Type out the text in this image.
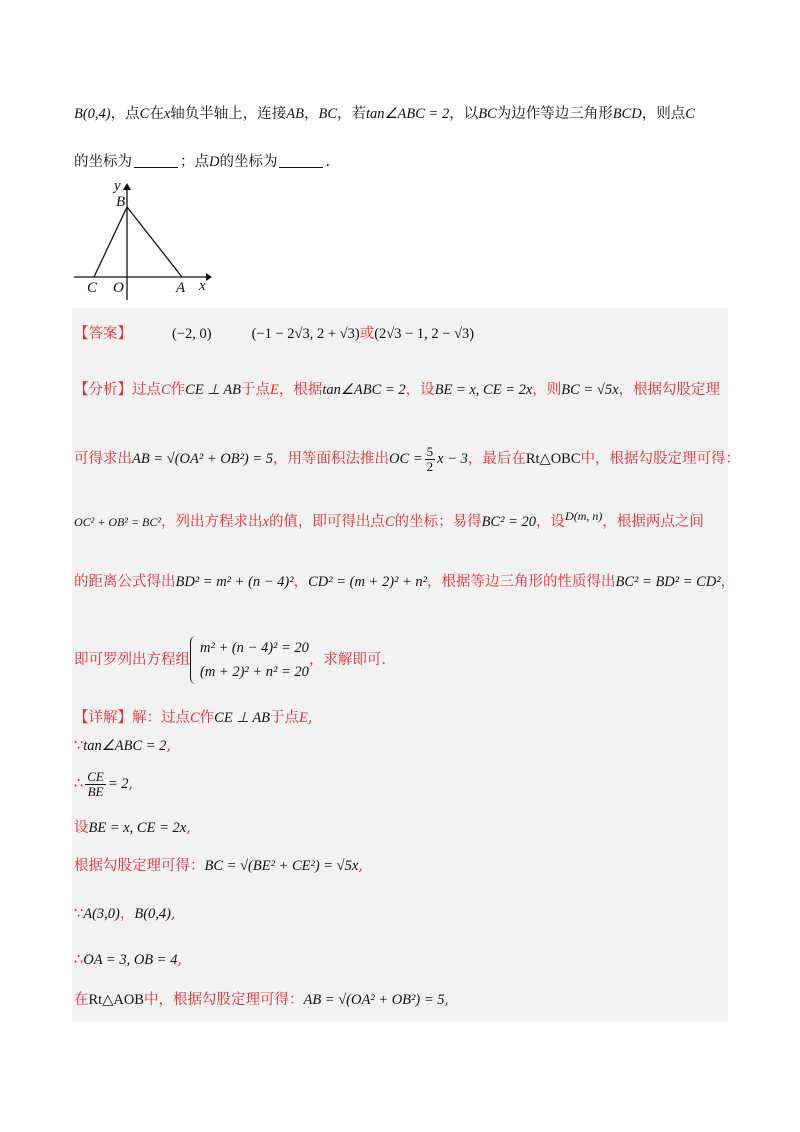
B(0,4)，点C在x轴负半轴上，连接AB，BC，若tan∠ABC = 2，以BC为边作等边三角形BCD，则点C
的坐标为	；点D的坐标为	.
y
B
C O	A x
【答案】	(−2, 0)	(−1 − 2√3, 2 + √3)或(2√3 − 1, 2 − √3)
【分析】过点C作CE ⊥ AB于点E，根据tan∠ABC = 2，设BE = x, CE = 2x，则BC = √5x，根据勾股定理
可得求出AB = √(OA² + OB²) = 5，用等面积法推出OC = $\frac{5}{2}$ x − 3，最后在Rt△OBC中，根据勾股定理可得：
OC² + OB² = BC²，列出方程求出x的值，即可得出点C的坐标；易得BC² = 20，设$^{D(m, n)}$，根据两点之间
的距离公式得出BD² = m² + (n − 4)²，CD² = (m + 2)² + n²，根据等边三角形的性质得出BC² = BD² = CD²，
即可罗列出方程组
m² + (n − 4)² = 20
(m + 2)² + n² = 20
，求解即可.
【详解】解：过点C作CE ⊥ AB于点E,
∵tan∠ABC = 2,
∴ $\frac{CE}{BE} = 2$,
设BE = x, CE = 2x,
根据勾股定理可得：BC = √(BE² + CE²) = √5x,
∵A(3,0)，B(0,4),
∴OA = 3, OB = 4,
在Rt△AOB中，根据勾股定理可得：AB = √(OA² + OB²) = 5,
